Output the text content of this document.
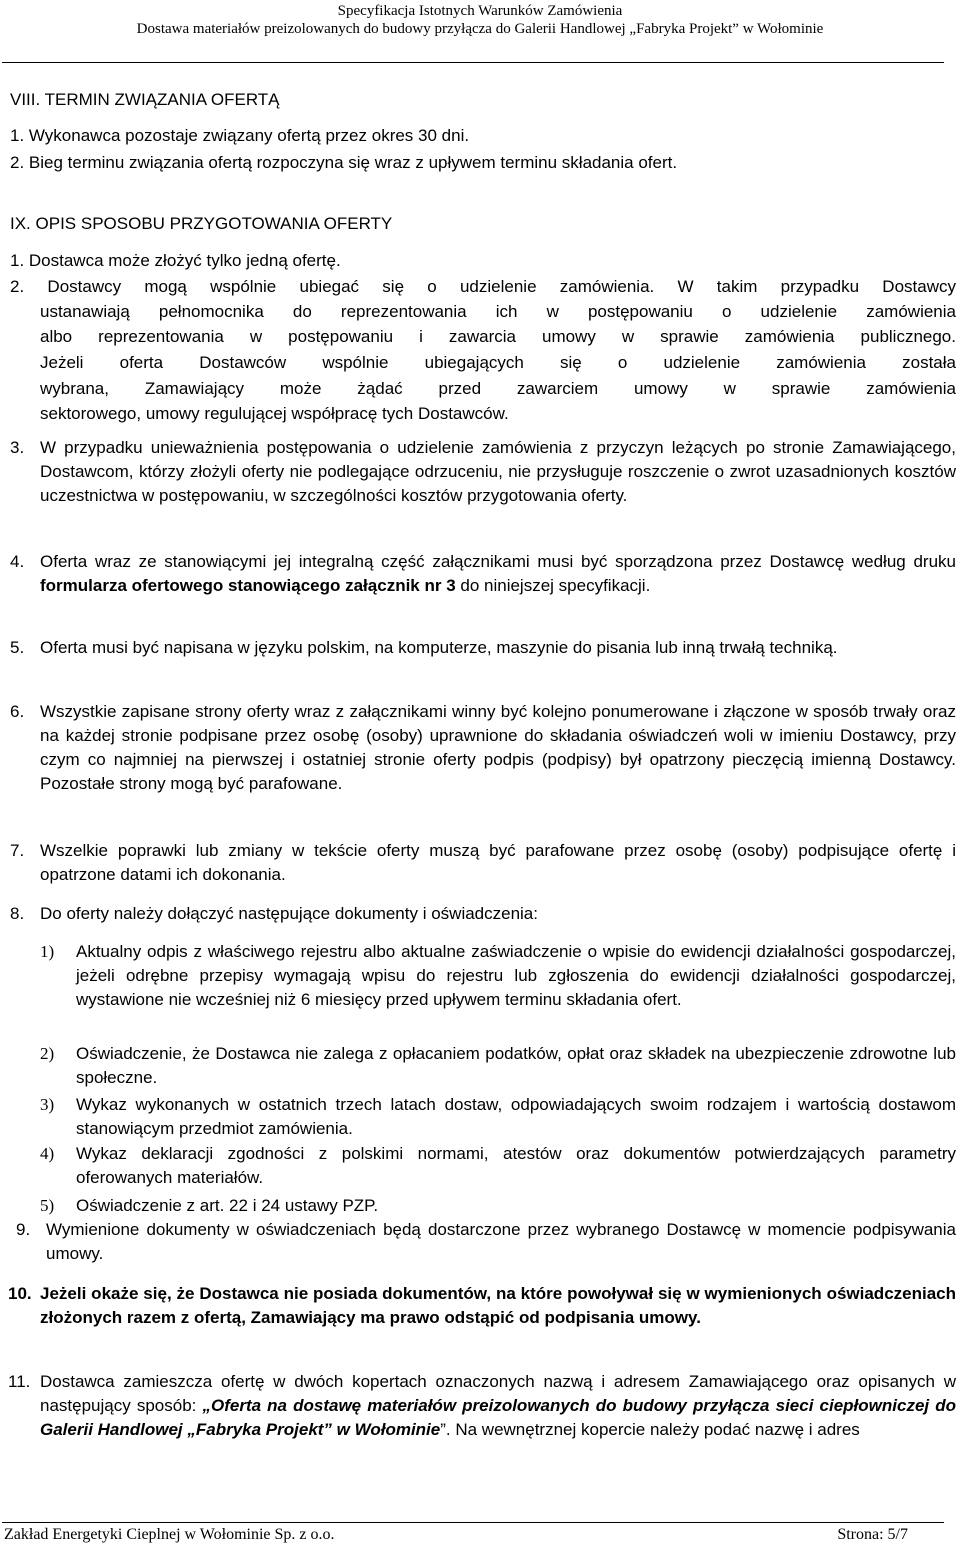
Specyfikacja Istotnych Warunków Zamówienia
Dostawa materiałów preizolowanych do budowy przyłącza do Galerii Handlowej „Fabryka Projekt” w Wołominie
VIII. TERMIN ZWIĄZANIA OFERTĄ
1. Wykonawca pozostaje związany ofertą przez okres 30 dni.
2. Bieg terminu związania ofertą rozpoczyna się wraz z upływem terminu składania ofert.
IX. OPIS SPOSOBU PRZYGOTOWANIA OFERTY
1. Dostawca może złożyć tylko jedną ofertę.
2. Dostawcy mogą wspólnie ubiegać się o udzielenie zamówienia. W takim przypadku Dostawcy
ustanawiają pełnomocnika do reprezentowania ich w postępowaniu o udzielenie zamówienia
albo reprezentowania w postępowaniu i zawarcia umowy w sprawie zamówienia publicznego.
Jeżeli oferta Dostawców wspólnie ubiegających się o udzielenie zamówienia została
wybrana, Zamawiający może żądać przed zawarciem umowy w sprawie zamówienia
sektorowego, umowy regulującej współpracę tych Dostawców.
3. W przypadku unieważnienia postępowania o udzielenie zamówienia z przyczyn leżących po stronie Zamawiającego, Dostawcom, którzy złożyli oferty nie podlegające odrzuceniu, nie przysługuje roszczenie o zwrot uzasadnionych kosztów uczestnictwa w postępowaniu, w szczególności kosztów przygotowania oferty.
4. Oferta wraz ze stanowiącymi jej integralną część załącznikami musi być sporządzona przez Dostawcę według druku formularza ofertowego stanowiącego załącznik nr 3 do niniejszej specyfikacji.
5. Oferta musi być napisana w języku polskim, na komputerze, maszynie do pisania lub inną trwałą techniką.
6. Wszystkie zapisane strony oferty wraz z załącznikami winny być kolejno ponumerowane i złączone w sposób trwały oraz na każdej stronie podpisane przez osobę (osoby) uprawnione do składania oświadczeń woli w imieniu Dostawcy, przy czym co najmniej na pierwszej i ostatniej stronie oferty podpis (podpisy) był opatrzony pieczęcią imienną Dostawcy. Pozostałe strony mogą być parafowane.
7. Wszelkie poprawki lub zmiany w tekście oferty muszą być parafowane przez osobę (osoby) podpisujące ofertę i opatrzone datami ich dokonania.
8. Do oferty należy dołączyć następujące dokumenty i oświadczenia:
1) Aktualny odpis z właściwego rejestru albo aktualne zaświadczenie o wpisie do ewidencji działalności gospodarczej, jeżeli odrębne przepisy wymagają wpisu do rejestru lub zgłoszenia do ewidencji działalności gospodarczej, wystawione nie wcześniej niż 6 miesięcy przed upływem terminu składania ofert.
2) Oświadczenie, że Dostawca nie zalega z opłacaniem podatków, opłat oraz składek na ubezpieczenie zdrowotne lub społeczne.
3) Wykaz wykonanych w ostatnich trzech latach dostaw, odpowiadających swoim rodzajem i wartością dostawom stanowiącym przedmiot zamówienia.
4) Wykaz deklaracji zgodności z polskimi normami, atestów oraz dokumentów potwierdzających parametry oferowanych materiałów.
5) Oświadczenie z art. 22 i 24 ustawy PZP.
9. Wymienione dokumenty w oświadczeniach będą dostarczone przez wybranego Dostawcę w momencie podpisywania umowy.
10. Jeżeli okaże się, że Dostawca nie posiada dokumentów, na które powoływał się w wymienionych oświadczeniach złożonych razem z ofertą, Zamawiający ma prawo odstąpić od podpisania umowy.
11. Dostawca zamieszcza ofertę w dwóch kopertach oznaczonych nazwą i adresem Zamawiającego oraz opisanych w następujący sposób: „Oferta na dostawę materiałów preizolowanych do budowy przyłącza sieci ciepłowniczej do Galerii Handlowej „Fabryka Projekt” w Wołominie”. Na wewnętrznej kopercie należy podać nazwę i adres
Zakład Energetyki Cieplnej w Wołominie Sp. z o.o.	Strona: 5/7
